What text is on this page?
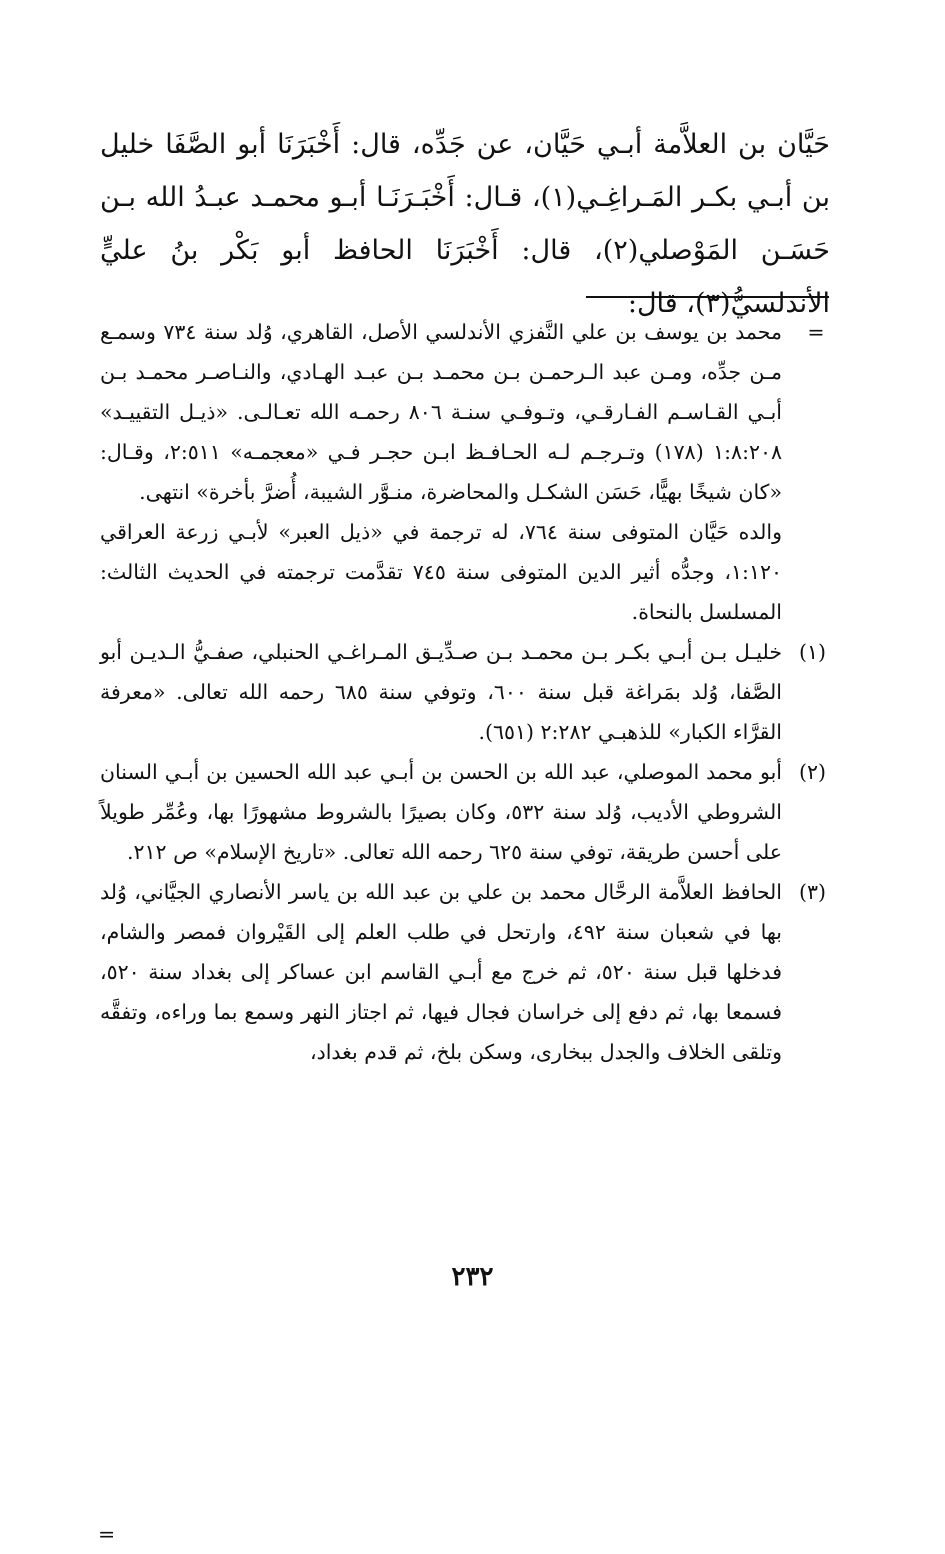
حَيَّان بن العلاَّمة أبـي حَيَّان، عن جَدِّه، قال: أَخْبَرَنَا أبو الصَّفَا خليل بن أبـي بكـر المَـراغِـي(١)، قـال: أَخْبَـرَنَـا أبـو محمـد عبـدُ الله بـن حَسَـن المَوْصلي(٢)، قال: أَخْبَرَنَا الحافظ أبو بَكْر بنُ عليٍّ الأندلسيُّ(٣)، قال:

=

محمد بن يوسف بن علي النَّفزي الأندلسي الأصل، القاهري، وُلد سنة ٧٣٤ وسمـع مـن جدِّه، ومـن عبد الـرحمـن بـن محمـد بـن عبـد الهـادي، والنـاصـر محمـد بـن أبـي القـاسـم الفـارقـي، وتـوفـي سنـة ٨٠٦ رحمـه الله تعـالـى. «ذيـل التقييـد» ١:٨:٢٠٨ (١٧٨) وتـرجـم لـه الحـافـظ ابـن حجـر فـي «معجمـه» ٢:٥١١، وقـال: «كان شيخًا بهيًّا، حَسَن الشكـل والمحاضرة، منـوَّر الشيبة، أُضرَّ بأخرة» انتهى.

والده حَيَّان المتوفى سنة ٧٦٤، له ترجمة في «ذيل العبر» لأبـي زرعة العراقي ١:١٢٠، وجدُّه أثير الدين المتوفى سنة ٧٤٥ تقدَّمت ترجمته في الحديث الثالث: المسلسل بالنحاة.

(١)
خليـل بـن أبـي بكـر بـن محمـد بـن صـدِّيـق المـراغـي الحنبلي، صفـيُّ الـديـن أبو الصَّفا، وُلد بمَراغة قبل سنة ٦٠٠، وتوفي سنة ٦٨٥ رحمه الله تعالى. «معرفة القرَّاء الكبار» للذهبـي ٢:٢٨٢ (٦٥١).
(٢)
أبو محمد الموصلي، عبد الله بن الحسن بن أبـي عبد الله الحسين بن أبـي السنان الشروطي الأديب، وُلد سنة ٥٣٢، وكان بصيرًا بالشروط مشهورًا بها، وعُمِّر طويلاً على أحسن طريقة، توفي سنة ٦٢٥ رحمه الله تعالى. «تاريخ الإسلام» ص ٢١٢.
(٣)
الحافظ العلاَّمة الرحَّال محمد بن علي بن عبد الله بن ياسر الأنصاري الجيَّاني، وُلد بها في شعبان سنة ٤٩٢، وارتحل في طلب العلم إلى القَيْروان فمصر والشام، فدخلها قبل سنة ٥٢٠، ثم خرج مع أبـي القاسم ابن عساكر إلى بغداد سنة ٥٢٠، فسمعا بها، ثم دفع إلى خراسان فجال فيها، ثم اجتاز النهر وسمع بما وراءه، وتفقَّه وتلقى الخلاف والجدل ببخارى، وسكن بلخ، ثم قدم بغداد،
=
٢٣٢
